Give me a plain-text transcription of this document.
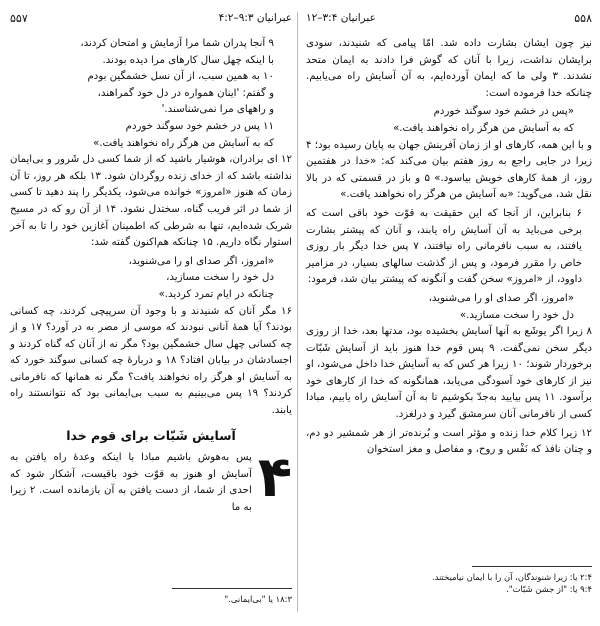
عبرانیان ۹:۳–۴:۲
۵۵۷
۹ آنجا پدران شما مرا آزمایش و امتحان کردند،
با اینکه چهل سال کارهای مرا دیده بودند.
۱۰ به همین سبب، از آن نسل خشمگین بودم
و گفتم: 'اینان همواره در دل خود گمراهند،
و راههای مرا نمی‌شناسند.'
۱۱ پس در خشم خود سوگند خوردم
که به آسایش من هرگز راه نخواهند یافت.»

۱۲ ای برادران، هوشیار باشید که از شما کسی دل شَرور و بی‌ایمان نداشته باشد که از خدای زنده روگردان شود. ۱۳ بلکه هر روز، تا آن زمان که هنوز «امروز» خوانده می‌شود، یکدیگر را پند دهید تا کسی از شما در اثر فریب گناه، سختدل نشود. ۱۴ از آن رو که در مسیح شریک شده‌ایم، تنها به شرطی که اطمینان آغازین خود را تا به آخر استوار نگاه داریم. ۱۵ چنانکه هم‌اکنون گفته شد:

«امروز، اگر صدای او را می‌شنوید،
دل خود را سخت مسازید،
چنانکه در ایام تمرد کردید.»

۱۶ مگر آنان که شنیدند و با وجود آن سرپیچی کردند، چه کسانی بودند؟ آیا همهٔ آنانی نبودند که موسی از مصر به در آورد؟ ۱۷ و از چه کسانی چهل سال خشمگین بود؟ مگر نه از آنان که گناه کردند و اجسادشان در بیابان افتاد؟ ۱۸ و دربارهٔ چه کسانی سوگند خورد که به آسایش او هرگز راه نخواهند یافت؟ مگر نه همانها که نافرمانی کردند؟ ۱۹ پس می‌بینیم به سبب بی‌ایمانی بود که نتوانستند راه یابند.

آسایش شَبّات برای قوم خدا
۴
پس به‌هوش باشیم مبادا با اینکه وعدهٔ راه یافتن به آسایش او هنوز به قوّت خود باقیست، آشکار شود که احدی از شما، از دست یافتن به آن بازمانده است. ۲ زیرا به ما
۱۸:۳ یا "بی‌ایمانی."
۵۵۸
عبرانیان ۳:۴–۱۲

نیز چون ایشان بشارت داده شد. امّا پیامی که شنیدند، سودی برایشان نداشت، زیرا با آنان که گوش فرا دادند به ایمان متحد نشدند. ۳ ولی ما که ایمان آورده‌ایم، به آن آسایش راه می‌یابیم. چنانکه خدا فرموده است:

«پس در خشم خود سوگند خوردم
که به آسایش من هرگز راه نخواهند یافت.»

و با این همه، کارهای او از زمان آفرینش جهان به پایان رسیده بود؛ ۴ زیرا در جایی راجع به روز هفتم بیان می‌کند که: «خدا در هفتمین روز، از همهٔ کارهای خویش بیاسود.» ۵ و باز در قسمتی که در بالا نقل شد، می‌گوید: «به آسایش من هرگز راه نخواهند یافت.»

۶ بنابراین، از آنجا که این حقیقت به قوّت خود باقی است که برخی می‌باید به آن آسایش راه یابند، و آنان که پیشتر بشارت یافتند، به سبب نافرمانی راه نیافتند، ۷ پس خدا دیگر بار روزی خاص را مقرر فرمود، و پس از گذشت سالهای بسیار، در مزامیر داوود، از «امروز» سخن گفت و آنگونه که پیشتر بیان شد، فرمود:

«امروز، اگر صدای او را می‌شنوید،
دل خود را سخت مسازید.»

۸ زیرا اگر یوشَع به آنها آسایش بخشیده بود، مدتها بعد، خدا از روزی دیگر سخن نمی‌گفت. ۹ پس قوم خدا هنوز باید از آسایش شَبّات برخوردار شوند؛ ۱۰ زیرا هر کس که به آسایش خدا داخل می‌شود، او نیز از کارهای خود آسودگی می‌یابد، همانگونه که خدا از کارهای خود برآسود. ۱۱ پس بیایید به‌جدّ بکوشیم تا به آن آسایش راه یابیم، مبادا کسی از نافرمانی آنان سرمشق گیرد و درلغزد.

۱۲ زیرا کلام خدا زنده و مؤثر است و بُرنده‌تر از هر شمشیر دو دم، و چنان نافذ که نَفْس و روح، و مفاصل و مغز استخوان

۲:۴ یا: زیرا شنوندگان، آن را با ایمان نیامیختند.
۹:۴ یا: "از جشن شَبّات".
